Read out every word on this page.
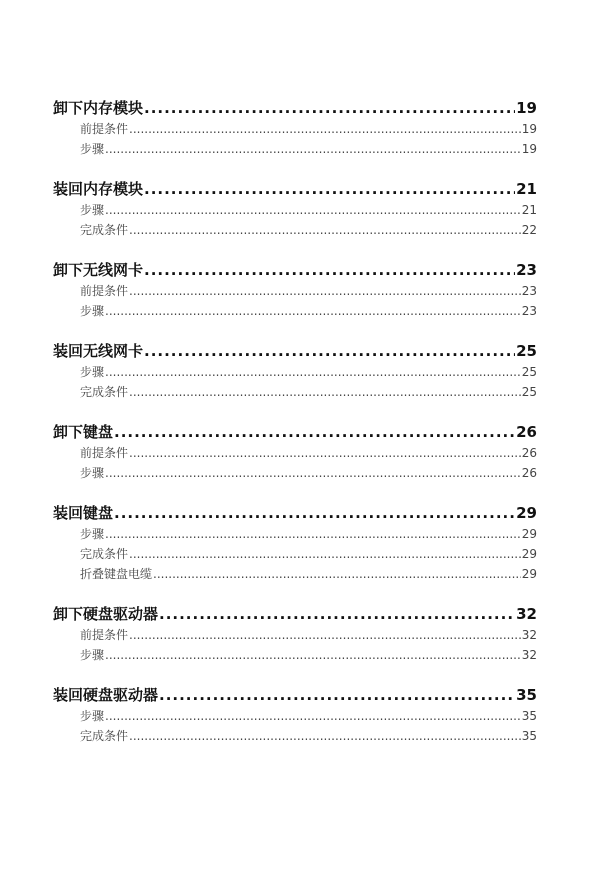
卸下内存模块 .....	19
前提条件 .....	19
步骤 .....	19
装回内存模块 .....	21
步骤 .....	21
完成条件 .....	22
卸下无线网卡 .....	23
前提条件 .....	23
步骤 .....	23
装回无线网卡 .....	25
步骤 .....	25
完成条件 .....	25
卸下键盘 .....	26
前提条件 .....	26
步骤 .....	26
装回键盘 .....	29
步骤 .....	29
完成条件 .....	29
折叠键盘电缆 .....	29
卸下硬盘驱动器 .....	32
前提条件 .....	32
步骤 .....	32
装回硬盘驱动器 .....	35
步骤 .....	35
完成条件 .....	35
